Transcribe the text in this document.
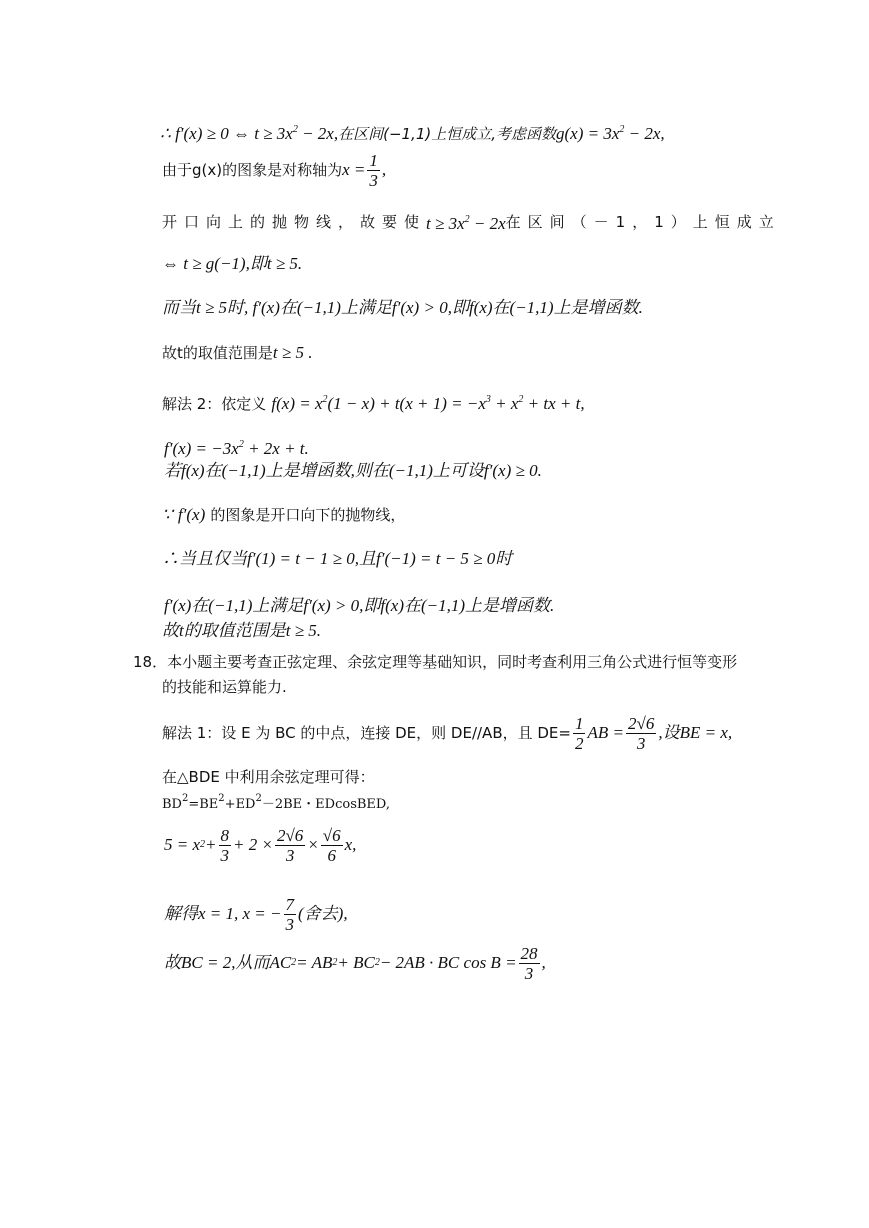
∴ f′(x) ≥ 0 ⇔ $t \ge 3x^2 - 2x$,在区间(−1,1)上恒成立,考虑函数$g(x) = 3x^2 - 2x$,
由于g(x)的图象是对称轴为 $x = \frac{1}{3}$ ,
开口向上的抛物线，故要使 $t \ge 3x^2 - 2x$ 在区间（－1，1）上恒成立
⇔ t ≥ g(−1),即t ≥ 5.
而当t ≥ 5时, f′(x)在(−1,1)上满足f′(x) > 0,即f(x)在(−1,1)上是增函数.
故t的取值范围是t ≥ 5 .
解法 2：依定义 $f(x) = x^2(1 - x) + t(x + 1) = -x^3 + x^2$ + tx + t,
$f'(x) = -3x^2 + 2x + t$.
若f(x)在(−1,1)上是增函数,则在(−1,1)上可设f′(x) ≥ 0.
∵ f′(x) 的图象是开口向下的抛物线，
∴当且仅当f′(1) = t − 1 ≥ 0,且f′(−1) = t − 5 ≥ 0时
f′(x)在(−1,1)上满足f′(x) > 0,即f(x)在(−1,1)上是增函数.
故t的取值范围是t ≥ 5.
18．本小题主要考查正弦定理、余弦定理等基础知识，同时考查利用三角公式进行恒等变形
的技能和运算能力.
解法 1：设 E 为 BC 的中点，连接 DE，则 DE//AB，且 $DE= \frac{1}{2}$ AB = $\frac{2√6}{3}$ ,设BE = x,
在△BDE 中利用余弦定理可得：
$BD^2=BE^2+ED^2-2BE$・EDcosBED,
5 = x $2 + \frac{8}{3} + 2 \times \frac{2√6}{3} \times \frac{√6}{6} x$,
解得x = 1, x = − $\frac{7}{3}$ (舍去),
故BC = 2,从而AC 2 = AB 2 + BC 2 − 2AB · BC $\cos B = \frac{28}{3}$ ,
